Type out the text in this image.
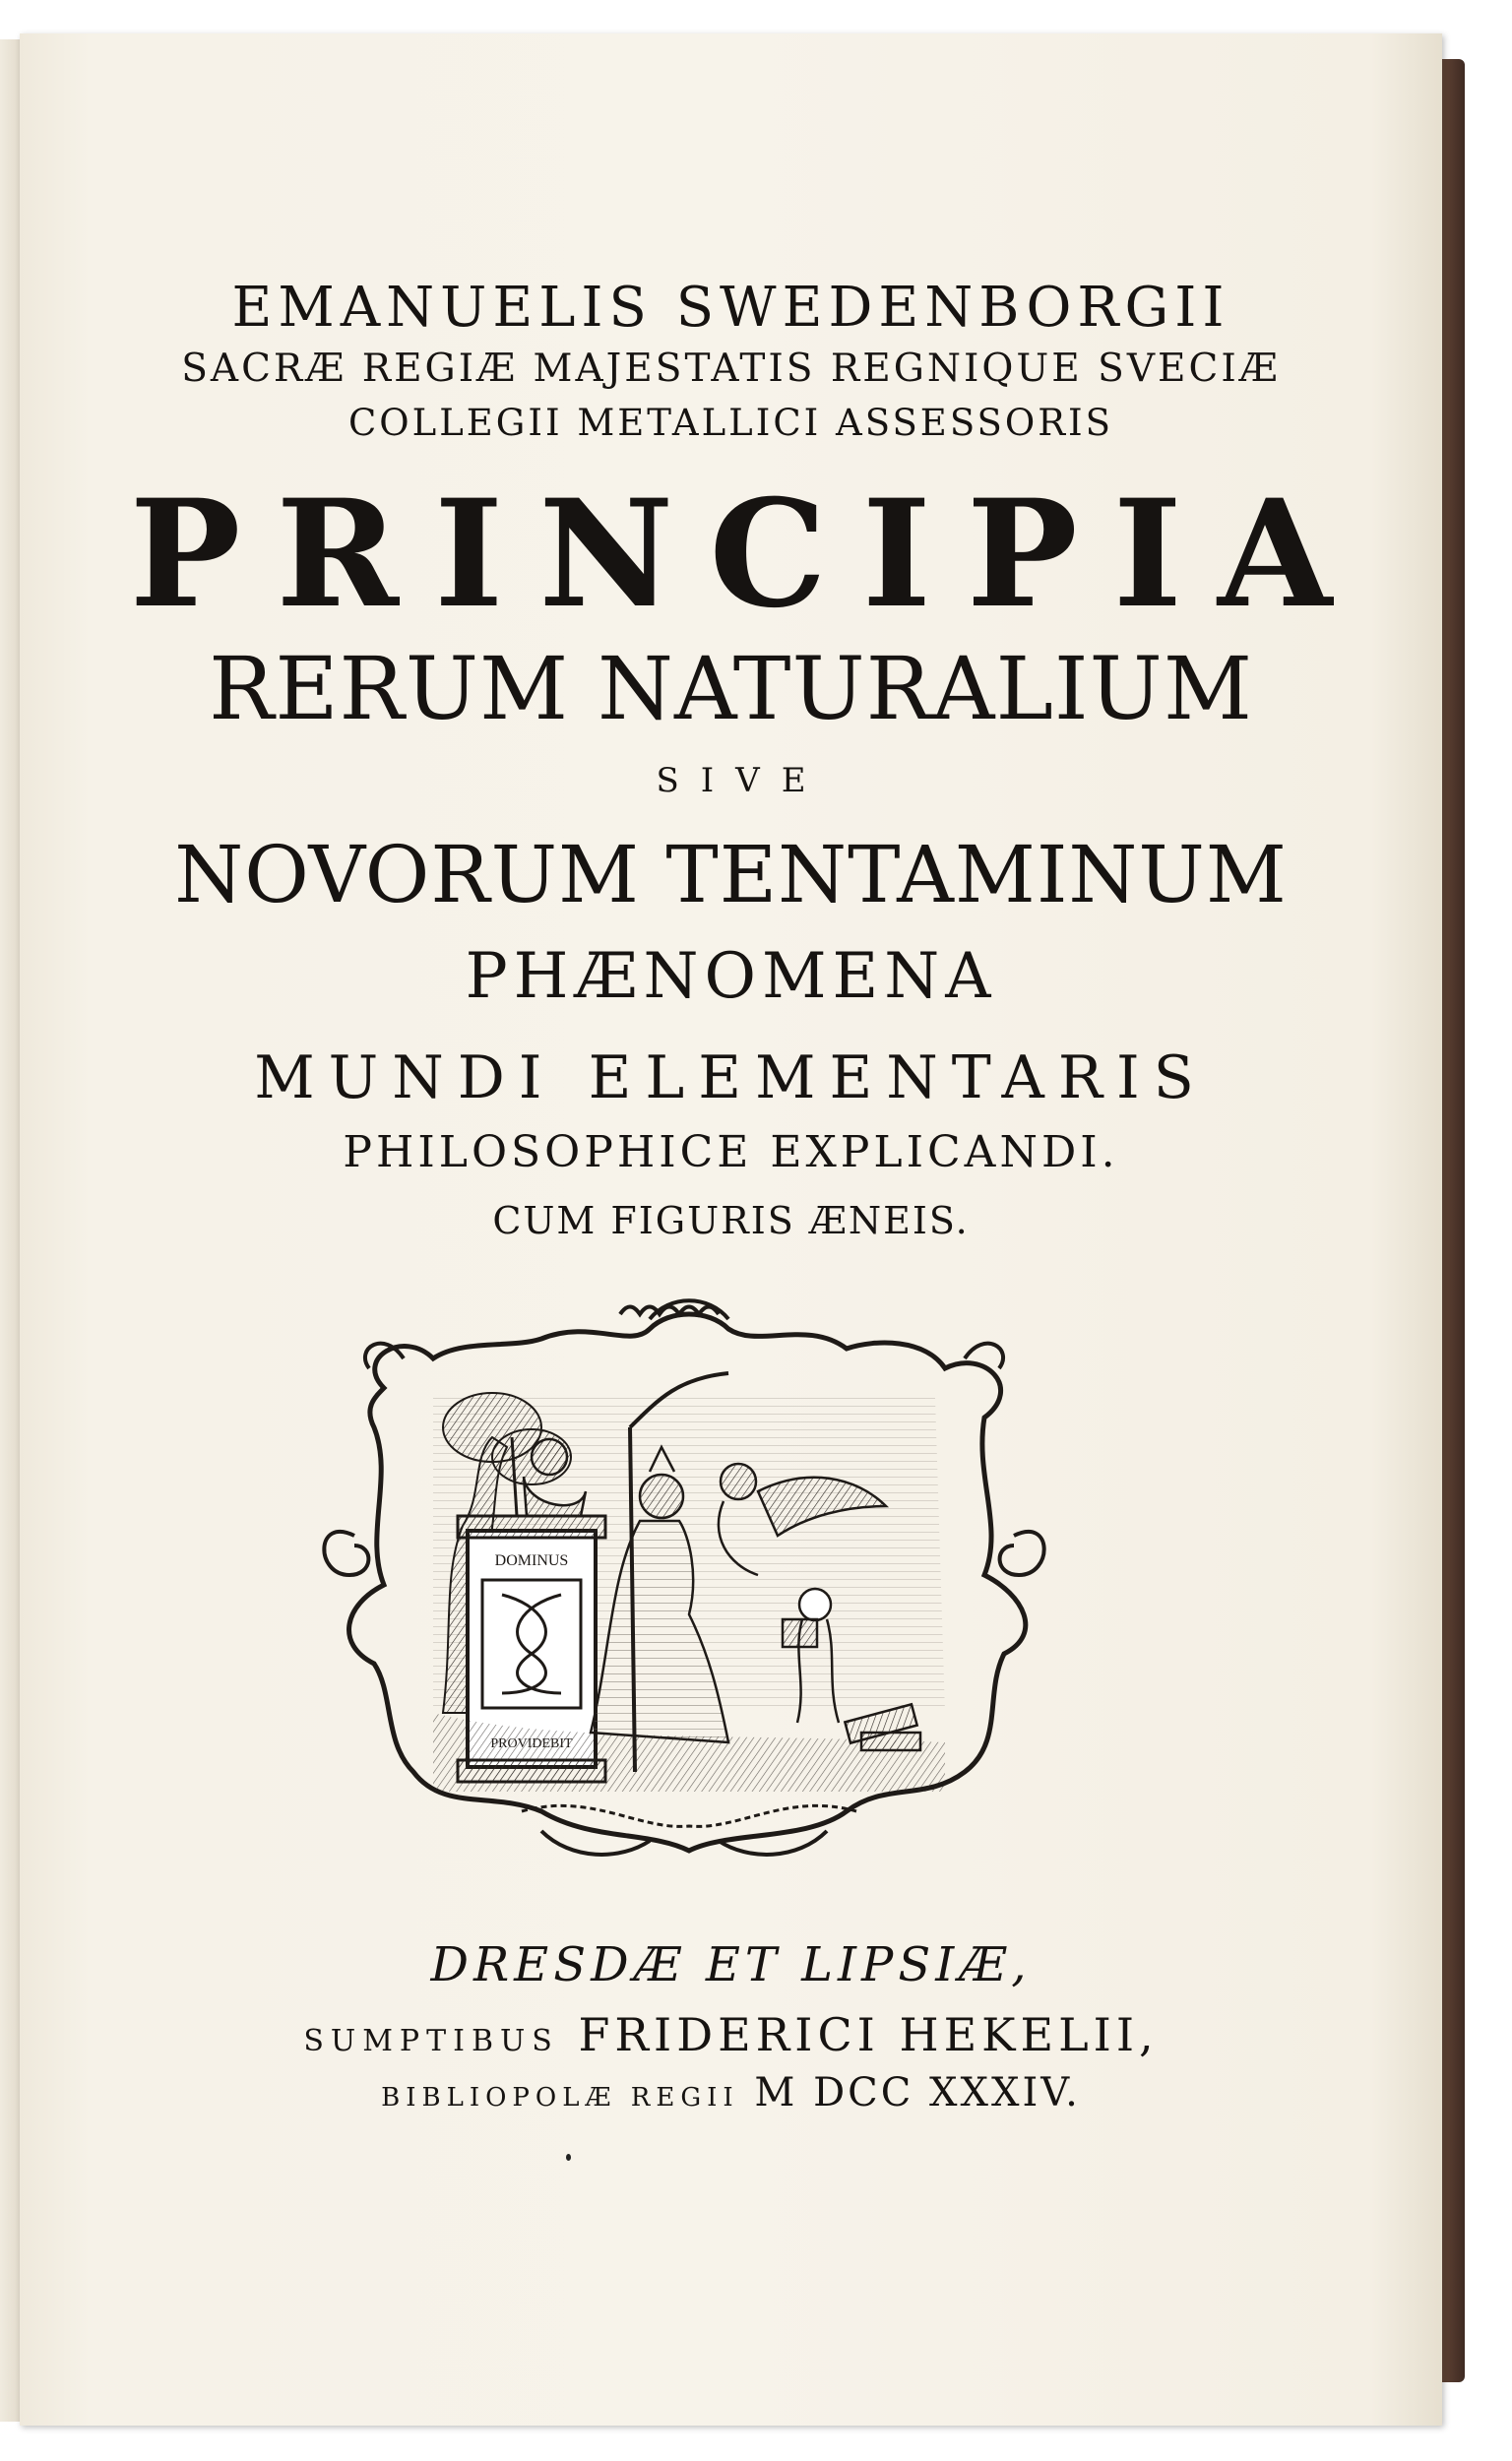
EMANUELIS SWEDENBORGII

SACRÆ REGIÆ MAJESTATIS REGNIQUE SVECIÆ

COLLEGII METALLICI ASSESSORIS

PRINCIPIA

RERUM NATURALIUM

SIVE

NOVORUM TENTAMINUM

PHÆNOMENA

MUNDI ELEMENTARIS

PHILOSOPHICE EXPLICANDI.

CUM FIGURIS ÆNEIS.

DOMINUS

DRESDÆ ET LIPSIÆ,

SUMPTIBUS FRIDERICI HEKELII,

BIBLIOPOLÆ REGII M DCC XXXIV.
